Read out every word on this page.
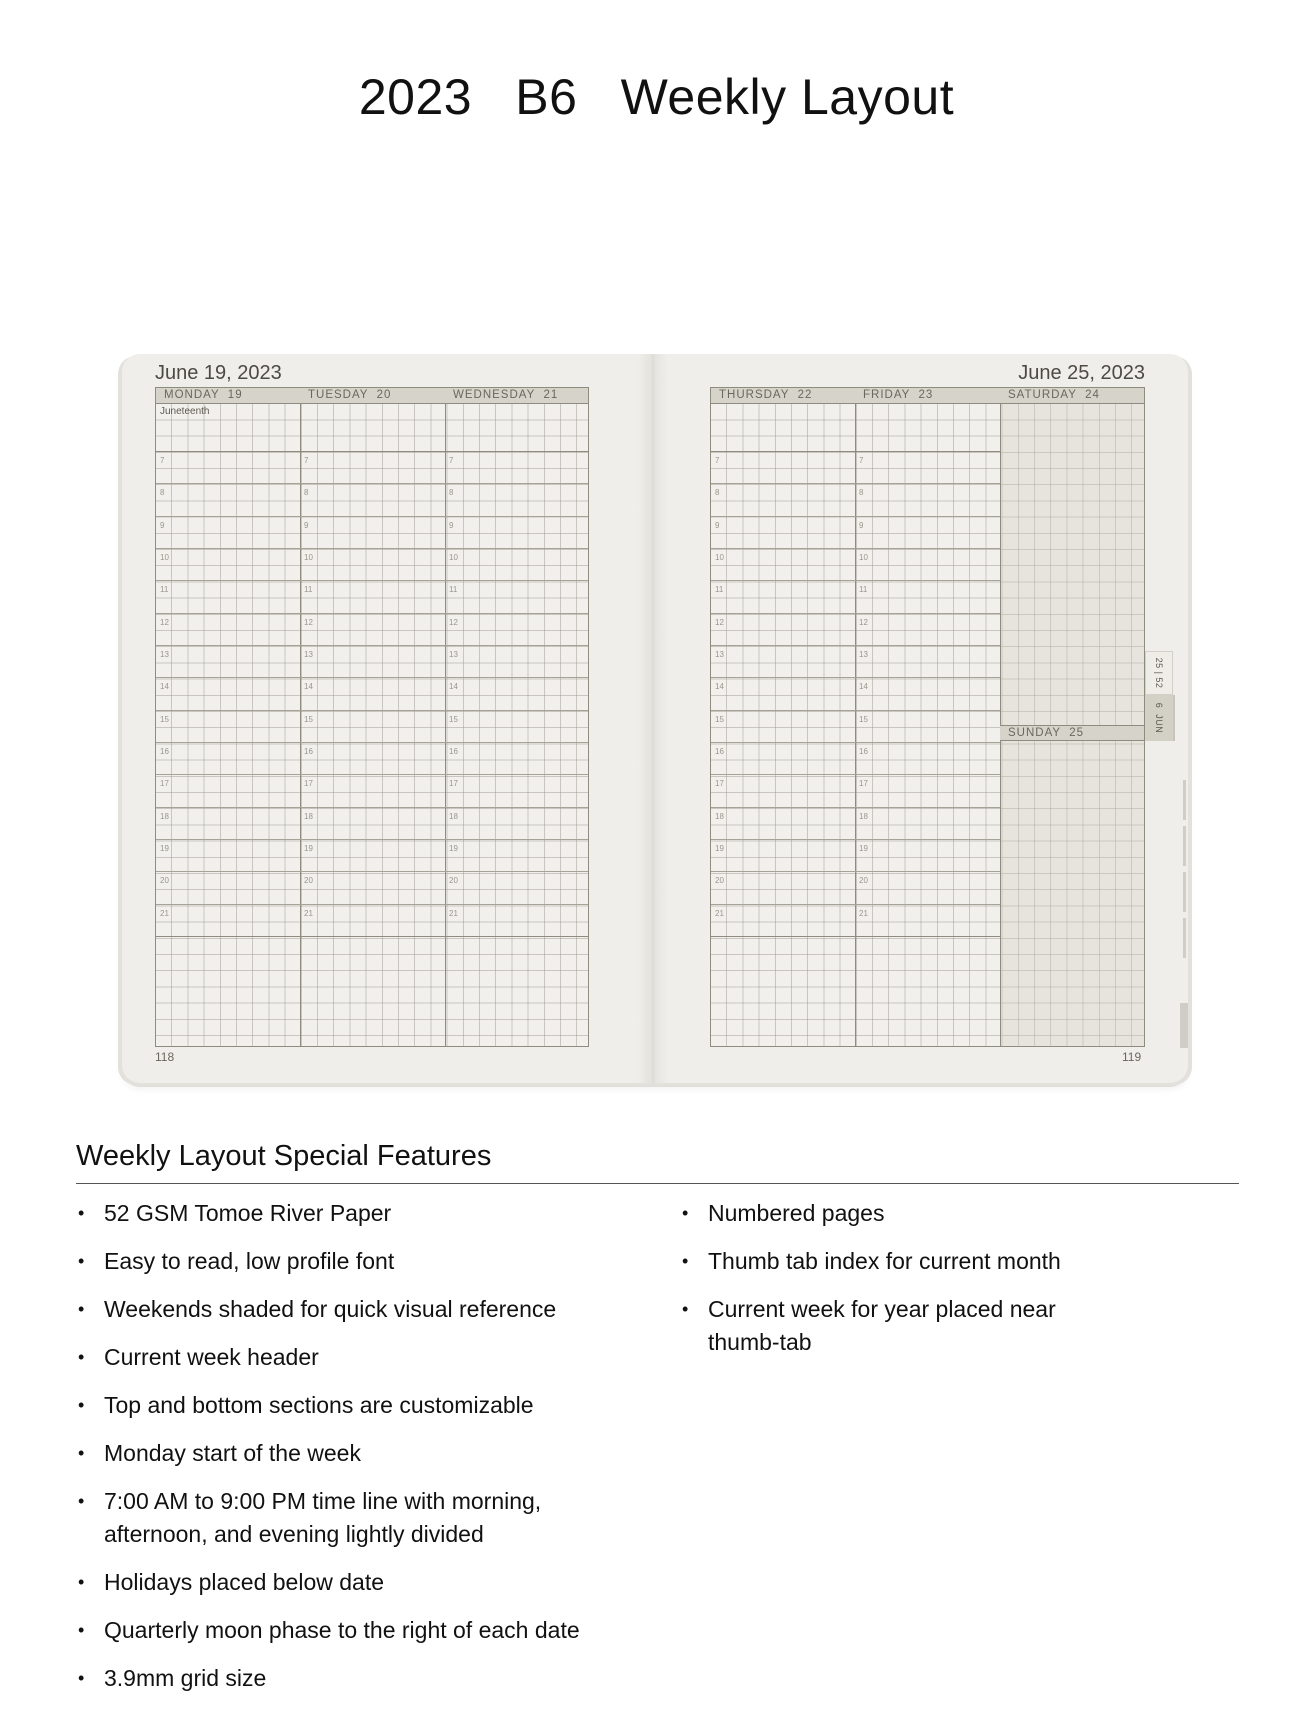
2023   B6   Weekly Layout
June 19, 2023
MONDAY  19	TUESDAY  20	WEDNESDAY  21
Juneteenth
7	7	7
8	8	8
9	9	9
10	10	10
11	11	11
12	12	12
13	13	13
14	14	14
15	15	15
16	16	16
17	17	17
18	18	18
19	19	19
20	20	20
21	21	21
118
June 25, 2023
THURSDAY  22	FRIDAY  23	SATURDAY  24
SUNDAY  25
7	7
8	8
9	9
10	10
11	11
12	12
13	13
14	14
15	15
16	16
17	17
18	18
19	19
20	20
21	21
119
25 | 52
6  JUN
Weekly Layout Special Features
• 52 GSM Tomoe River Paper
• Easy to read, low profile font
• Weekends shaded for quick visual reference
• Current week header
• Top and bottom sections are customizable
• Monday start of the week
• 7:00 AM to 9:00 PM time line with morning, afternoon, and evening lightly divided
• Holidays placed below date
• Quarterly moon phase to the right of each date
• 3.9mm grid size
• Numbered pages
• Thumb tab index for current month
• Current week for year placed near thumb-tab
